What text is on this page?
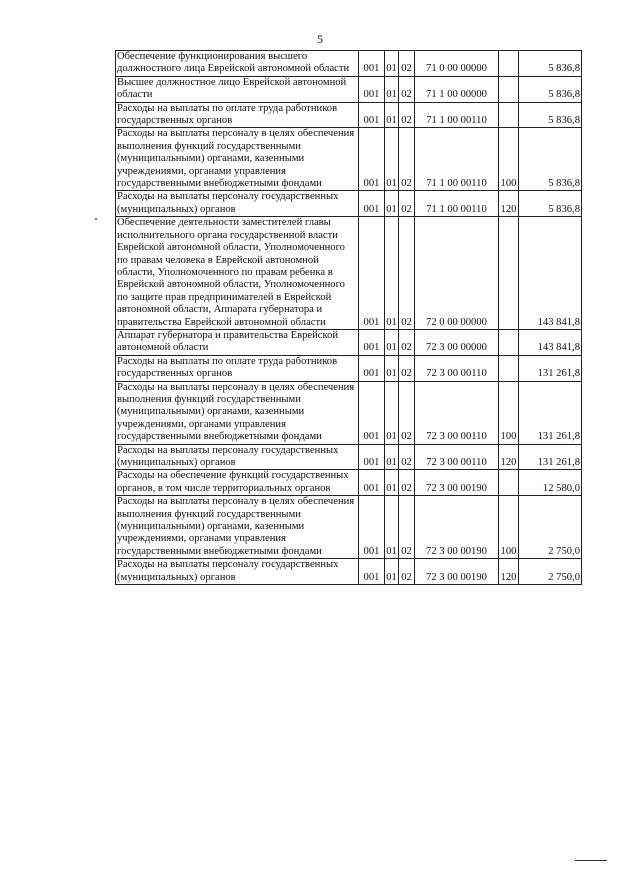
5
Обеспечение функционирования высшего должностного лица Еврейской автономной области	001	01	02	71 0 00 00000		5 836,8
Высшее должностное лицо Еврейской автономной области	001	01	02	71 1 00 00000		5 836,8
Расходы на выплаты по оплате труда работников государственных органов	001	01	02	71 1 00 00110		5 836,8
Расходы на выплаты персоналу в целях обеспечения выполнения функций государственными (муниципальными) органами, казенными учреждениями, органами управления государственными внебюджетными фондами	001	01	02	71 1 00 00110	100	5 836,8
Расходы на выплаты персоналу государственных (муниципальных) органов	001	01	02	71 1 00 00110	120	5 836,8
Обеспечение деятельности заместителей главы исполнительного органа государственной власти Еврейской автономной области, Уполномоченного по правам человека в Еврейской автономной области, Уполномоченного по правам ребенка в Еврейской автономной области, Уполномоченного по защите прав предпринимателей в Еврейской автономной области, Аппарата губернатора и правительства Еврейской автономной области	001	01	02	72 0 00 00000		143 841,8
Аппарат губернатора и правительства Еврейской автономной области	001	01	02	72 3 00 00000		143 841,8
Расходы на выплаты по оплате труда работников государственных органов	001	01	02	72 3 00 00110		131 261,8
Расходы на выплаты персоналу в целях обеспечения выполнения функций государственными (муниципальными) органами, казенными учреждениями, органами управления государственными внебюджетными фондами	001	01	02	72 3 00 00110	100	131 261,8
Расходы на выплаты персоналу государственных (муниципальных) органов	001	01	02	72 3 00 00110	120	131 261,8
Расходы на обеспечение функций государственных органов, в том числе территориальных органов	001	01	02	72 3 00 00190		12 580,0
Расходы на выплаты персоналу в целях обеспечения выполнения функций государственными (муниципальными) органами, казенными учреждениями, органами управления государственными внебюджетными фондами	001	01	02	72 3 00 00190	100	2 750,0
Расходы на выплаты персоналу государственных (муниципальных) органов	001	01	02	72 3 00 00190	120	2 750,0
